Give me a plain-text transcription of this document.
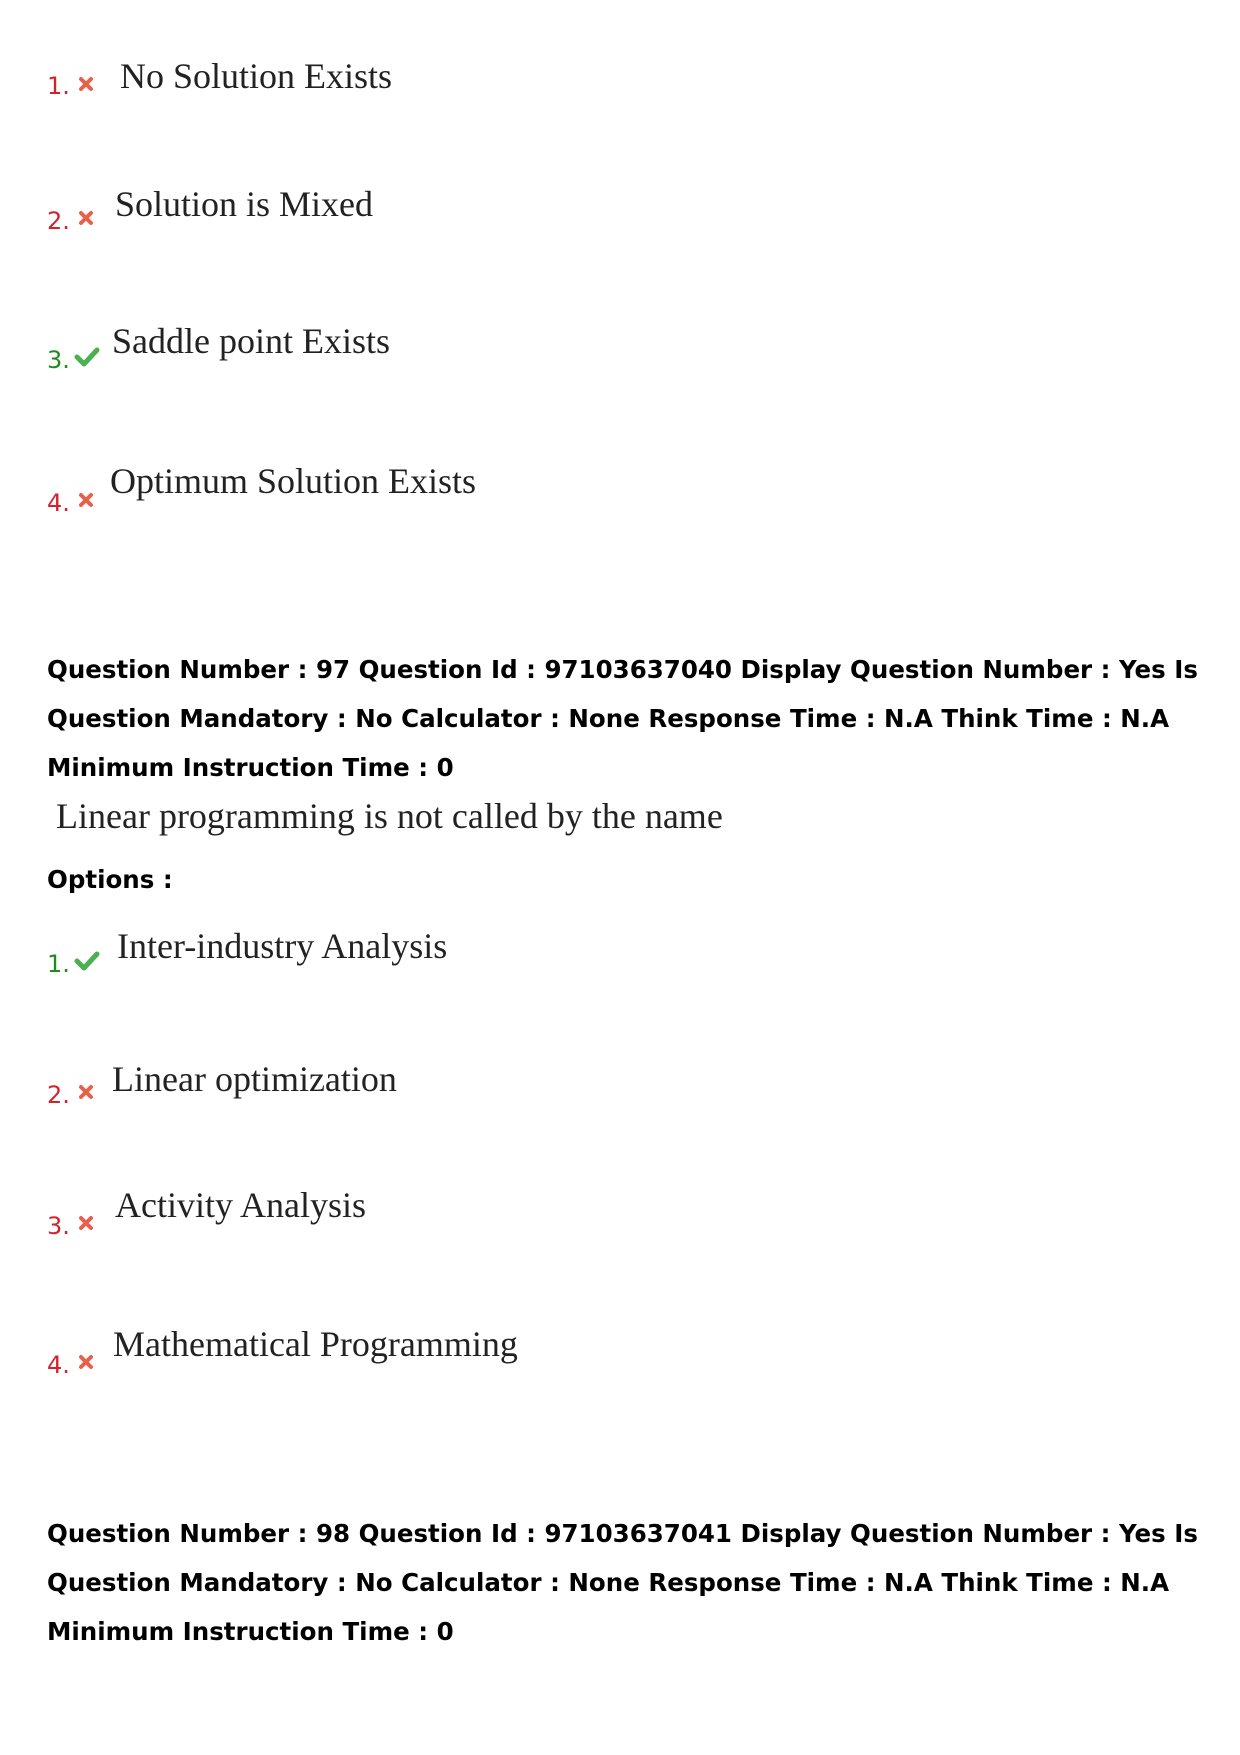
1. No Solution Exists
2. Solution is Mixed
3. Saddle point Exists
4.
Optimum Solution Exists
Question Number : 97 Question Id : 97103637040 Display Question Number : Yes Is Question Mandatory : No Calculator : None Response Time : N.A Think Time : N.A Minimum Instruction Time : 0
Linear programming is not called by the name
Options :
1. Inter-industry Analysis
2. Linear optimization
3.
Activity Analysis
4.
Mathematical Programming
Question Number : 98 Question Id : 97103637041 Display Question Number : Yes Is Question Mandatory : No Calculator : None Response Time : N.A Think Time : N.A Minimum Instruction Time : 0
